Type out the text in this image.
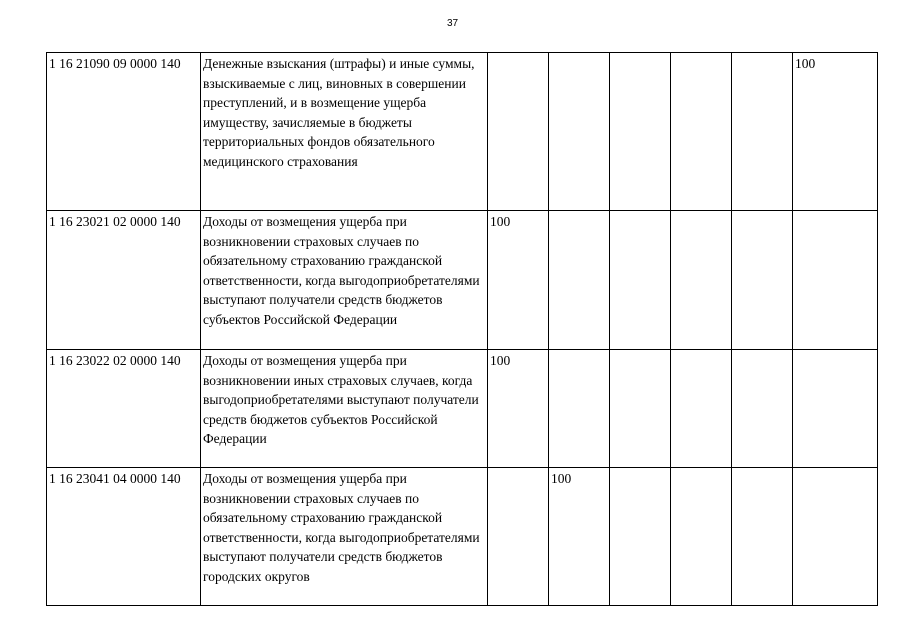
37
1 16 21090 09 0000 140	Денежные взыскания (штрафы) и иные суммы, взыскиваемые с лиц, виновных в совершении преступлений, и в возмещение ущерба имуществу, зачисляемые в бюджеты территориальных фондов обязательного медицинского страхования						100
1 16 23021 02 0000 140	Доходы от возмещения ущерба при возникновении страховых случаев по обязательному страхованию гражданской ответственности, когда выгодоприобретателями выступают получатели средств бюджетов субъектов Российской Федерации	100					
1 16 23022 02 0000 140	Доходы от возмещения ущерба при возникновении иных страховых случаев, когда выгодоприобретателями выступают получатели средств бюджетов субъектов Российской Федерации	100					
1 16 23041 04 0000 140	Доходы от возмещения ущерба при возникновении страховых случаев по обязательному страхованию гражданской ответственности, когда выгодоприобретателями выступают получатели средств бюджетов городских округов		100				
